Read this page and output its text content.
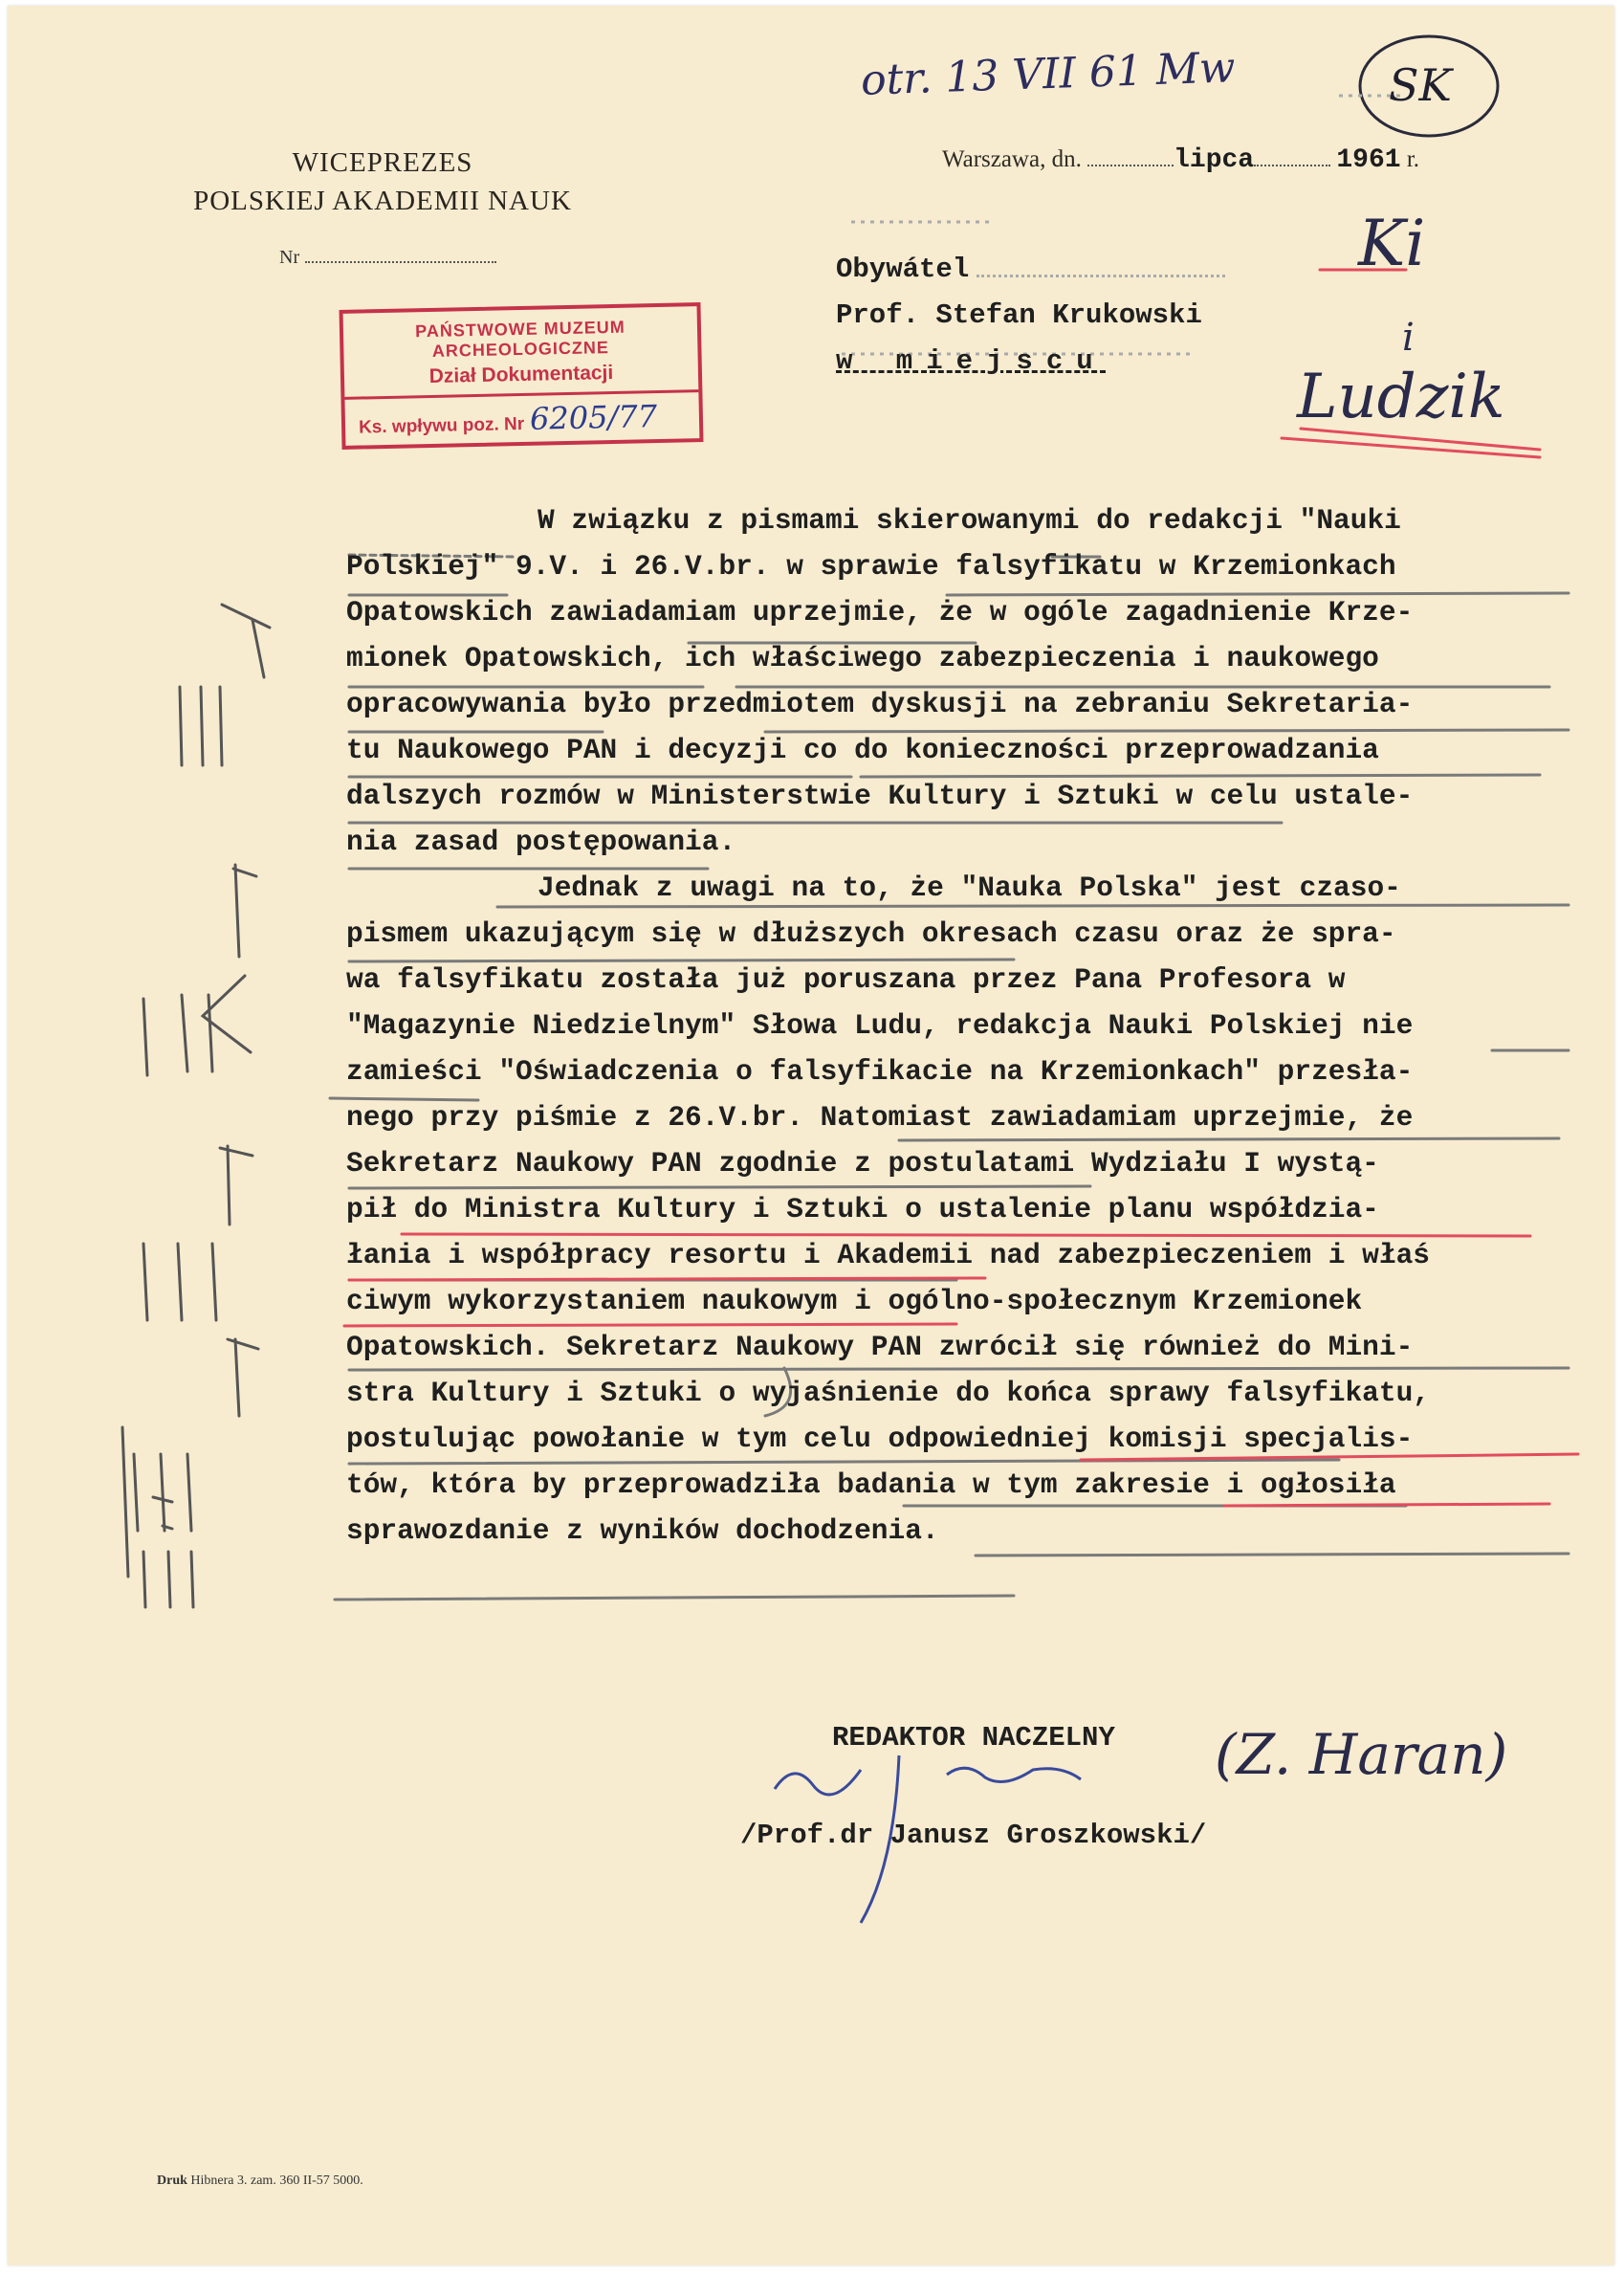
otr. 13 VII 61 Mw	SK
WICEPREZES
POLSKIEJ AKADEMII NAUK
Nr
Warszawa, dn.	lipca	1961 r.
Obywátel
Prof. Stefan Krukowski
w miejscu
Ki
i
Ludzik
PAŃSTWOWE MUZEUM ARCHEOLOGICZNE
Dział Dokumentacji
Ks. wpływu poz. Nr 6205/77
W związku z pismami skierowanymi do redakcji "Nauki
Polskiej" 9.V. i 26.V.br. w sprawie falsyfikatu w Krzemionkach
Opatowskich zawiadamiam uprzejmie, że w ogóle zagadnienie Krze-
mionek Opatowskich, ich właściwego zabezpieczenia i naukowego
opracowywania było przedmiotem dyskusji na zebraniu Sekretaria-
tu Naukowego PAN i decyzji co do konieczności przeprowadzania
dalszych rozmów w Ministerstwie Kultury i Sztuki w celu ustale-
nia zasad postępowania.
Jednak z uwagi na to, że "Nauka Polska" jest czaso-
pismem ukazującym się w dłuższych okresach czasu oraz że spra-
wa falsyfikatu została już poruszana przez Pana Profesora w
"Magazynie Niedzielnym" Słowa Ludu, redakcja Nauki Polskiej nie
zamieści "Oświadczenia o falsyfikacie na Krzemionkach" przesła-
nego przy piśmie z 26.V.br. Natomiast zawiadamiam uprzejmie, że
Sekretarz Naukowy PAN zgodnie z postulatami Wydziału I wystą-
pił do Ministra Kultury i Sztuki o ustalenie planu współdzia-
łania i współpracy resortu i Akademii nad zabezpieczeniem i właś
ciwym wykorzystaniem naukowym i ogólno-społecznym Krzemionek
Opatowskich. Sekretarz Naukowy PAN zwrócił się również do Mini-
stra Kultury i Sztuki o wyjaśnienie do końca sprawy falsyfikatu,
postulując powołanie w tym celu odpowiedniej komisji specjalis-
tów, która by przeprowadziła badania w tym zakresie i ogłosiła
sprawozdanie z wyników dochodzenia.
REDAKTOR NACZELNY (Z. Haran)
/Prof.dr Janusz Groszkowski/
Druk Hibnera 3. zam. 360 II-57 5000.
